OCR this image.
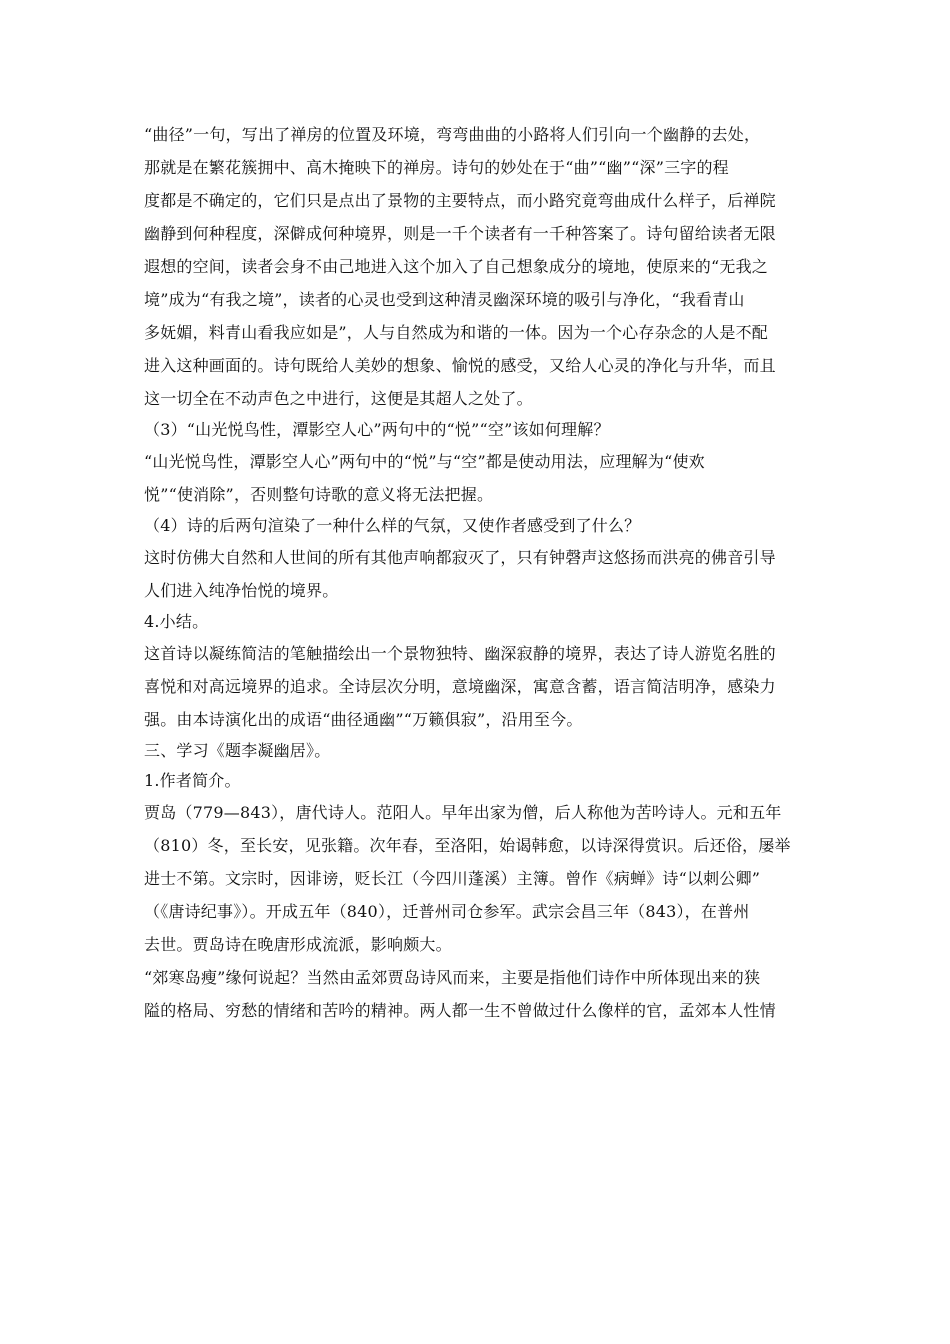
“曲径”一句，写出了禅房的位置及环境，弯弯曲曲的小路将人们引向一个幽静的去处，
那就是在繁花簇拥中、高木掩映下的禅房。诗句的妙处在于“曲”“幽”“深”三字的程
度都是不确定的，它们只是点出了景物的主要特点，而小路究竟弯曲成什么样子，后禅院
幽静到何种程度，深僻成何种境界，则是一千个读者有一千种答案了。诗句留给读者无限
遐想的空间，读者会身不由己地进入这个加入了自己想象成分的境地，使原来的“无我之
境”成为“有我之境”，读者的心灵也受到这种清灵幽深环境的吸引与净化，“我看青山
多妩媚，料青山看我应如是”，人与自然成为和谐的一体。因为一个心存杂念的人是不配
进入这种画面的。诗句既给人美妙的想象、愉悦的感受，又给人心灵的净化与升华，而且
这一切全在不动声色之中进行，这便是其超人之处了。
（3）“山光悦鸟性，潭影空人心”两句中的“悦”“空”该如何理解？
“山光悦鸟性，潭影空人心”两句中的“悦”与“空”都是使动用法，应理解为“使欢
悦”“使消除”，否则整句诗歌的意义将无法把握。
（4）诗的后两句渲染了一种什么样的气氛，又使作者感受到了什么？
这时仿佛大自然和人世间的所有其他声响都寂灭了，只有钟磬声这悠扬而洪亮的佛音引导
人们进入纯净怡悦的境界。
4.小结。
这首诗以凝练简洁的笔触描绘出一个景物独特、幽深寂静的境界，表达了诗人游览名胜的
喜悦和对高远境界的追求。全诗层次分明，意境幽深，寓意含蓄，语言简洁明净，感染力
强。由本诗演化出的成语“曲径通幽”“万籁俱寂”，沿用至今。
三、学习《题李凝幽居》。
1.作者简介。
贾岛（779—843），唐代诗人。范阳人。早年出家为僧，后人称他为苦吟诗人。元和五年
（810）冬，至长安，见张籍。次年春，至洛阳，始谒韩愈，以诗深得赏识。后还俗，屡举
进士不第。文宗时，因诽谤，贬长江（今四川蓬溪）主簿。曾作《病蝉》诗“以刺公卿”
（《唐诗纪事》）。开成五年（840），迁普州司仓参军。武宗会昌三年（843），在普州
去世。贾岛诗在晚唐形成流派，影响颇大。
“郊寒岛瘦”缘何说起？当然由孟郊贾岛诗风而来，主要是指他们诗作中所体现出来的狭
隘的格局、穷愁的情绪和苦吟的精神。两人都一生不曾做过什么像样的官，孟郊本人性情
